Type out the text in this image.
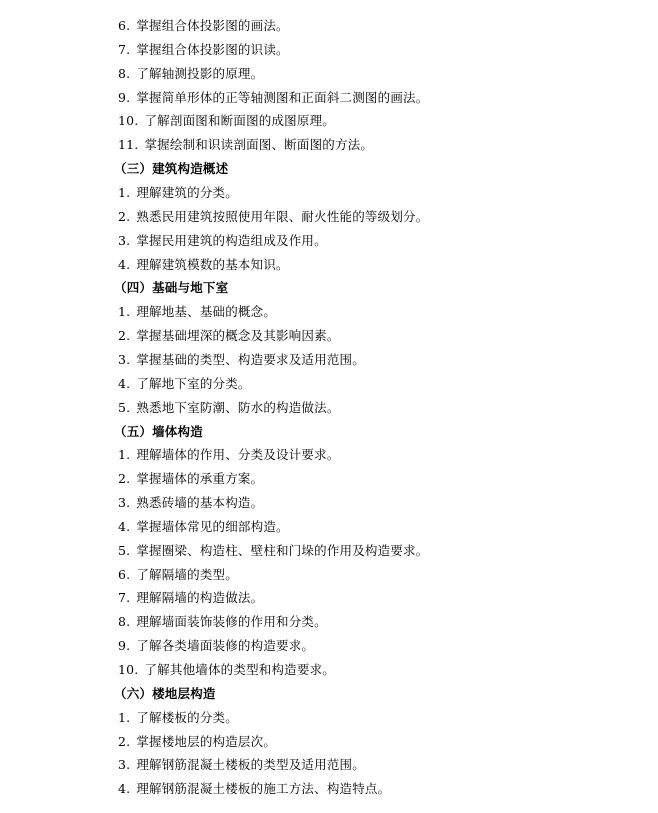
6. 掌握组合体投影图的画法。
7. 掌握组合体投影图的识读。
8. 了解轴测投影的原理。
9. 掌握简单形体的正等轴测图和正面斜二测图的画法。
10. 了解剖面图和断面图的成图原理。
11. 掌握绘制和识读剖面图、断面图的方法。
（三）建筑构造概述
1. 理解建筑的分类。
2. 熟悉民用建筑按照使用年限、耐火性能的等级划分。
3. 掌握民用建筑的构造组成及作用。
4. 理解建筑模数的基本知识。
（四）基础与地下室
1. 理解地基、基础的概念。
2. 掌握基础埋深的概念及其影响因素。
3. 掌握基础的类型、构造要求及适用范围。
4. 了解地下室的分类。
5. 熟悉地下室防潮、防水的构造做法。
（五）墙体构造
1. 理解墙体的作用、分类及设计要求。
2. 掌握墙体的承重方案。
3. 熟悉砖墙的基本构造。
4. 掌握墙体常见的细部构造。
5. 掌握圈梁、构造柱、壁柱和门垛的作用及构造要求。
6. 了解隔墙的类型。
7. 理解隔墙的构造做法。
8. 理解墙面装饰装修的作用和分类。
9. 了解各类墙面装修的构造要求。
10. 了解其他墙体的类型和构造要求。
（六）楼地层构造
1. 了解楼板的分类。
2. 掌握楼地层的构造层次。
3. 理解钢筋混凝土楼板的类型及适用范围。
4. 理解钢筋混凝土楼板的施工方法、构造特点。
